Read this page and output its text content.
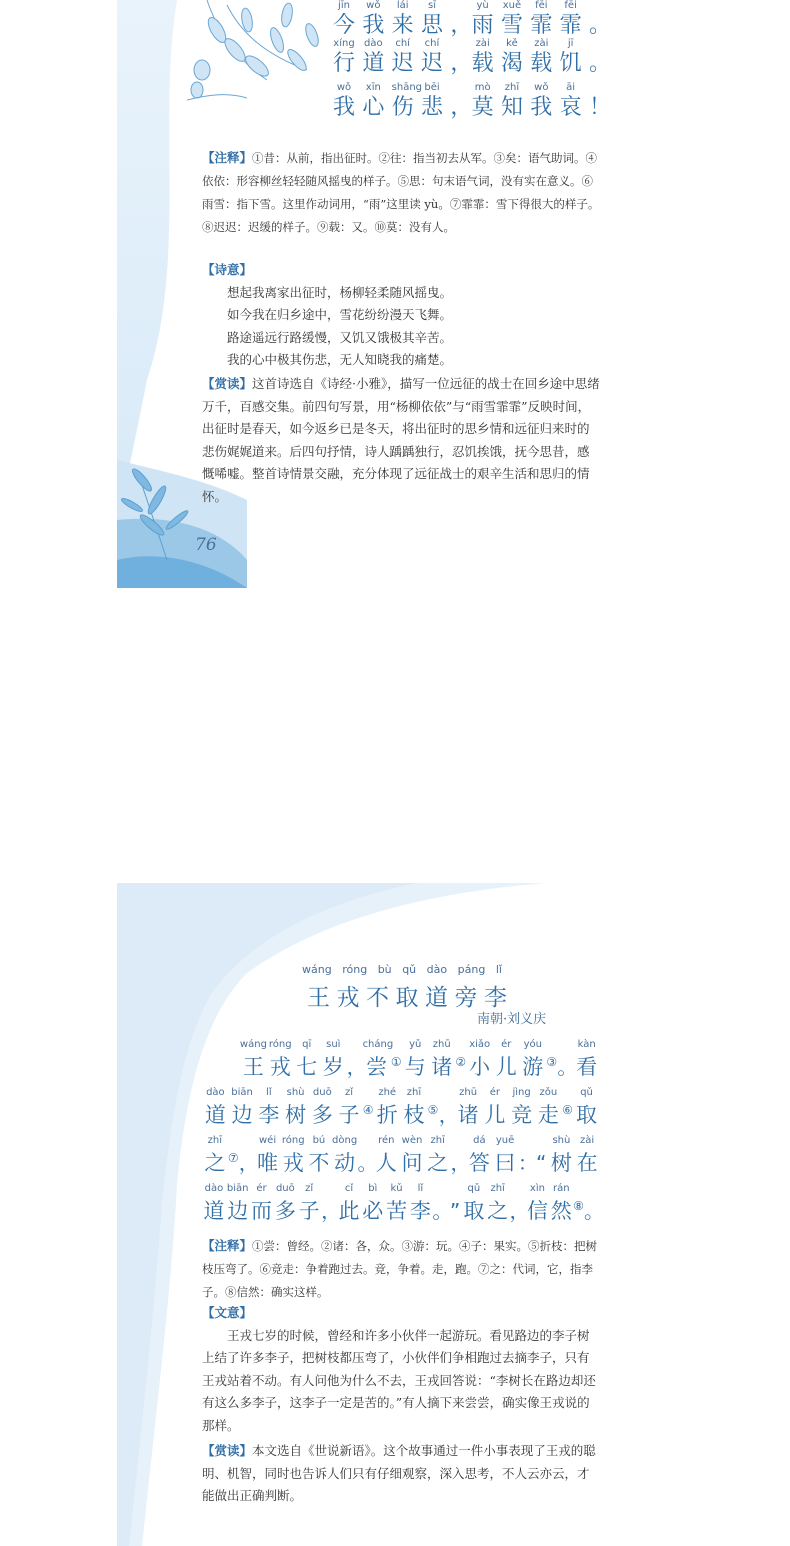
jīn	wǒ	lái	sī	yù	xuě	fēi	fēi
今 我 来 思 ， 雨 雪 霏 霏 。
xíng dào	chí	chí	zài	kě	zài	jī
行 道 迟 迟 ， 载 渴 载 饥 。
wǒ	xīn	shāng bēi	mò	zhī	wǒ	āi
我 心 伤 悲 ， 莫 知 我 哀 ！
【注释】①昔：从前，指出征时。②往：指当初去从军。③矣：语气助词。④依依：形容柳丝轻轻随风摇曳的样子。⑤思：句末语气词，没有实在意义。⑥雨雪：指下雪。这里作动词用，“雨”这里读 yù。⑦霏霏：雪下得很大的样子。⑧迟迟：迟缓的样子。⑨载：又。⑩莫：没有人。

【诗意】

想起我离家出征时，杨柳轻柔随风摇曳。

如今我在归乡途中，雪花纷纷漫天飞舞。

路途遥远行路缓慢，又饥又饿极其辛苦。

我的心中极其伤悲，无人知晓我的痛楚。

【赏读】这首诗选自《诗经·小雅》，描写一位远征的战士在回乡途中思绪万千，百感交集。前四句写景，用“杨柳依依”与“雨雪霏霏”反映时间，出征时是春天，如今返乡已是冬天，将出征时的思乡情和远征归来时的悲伤娓娓道来。后四句抒情，诗人踽踽独行，忍饥挨饿，抚今思昔，感慨唏嘘。整首诗情景交融，充分体现了远征战士的艰辛生活和思归的情怀。
76
wáng róng bù qǔ dào páng lǐ
王 戎 不 取 道 旁 李
南朝·刘义庆
wáng
王
róng
戎
qī
七
suì
岁 ，
cháng
尝 ①
yǔ
与
zhū
诸 ②
xiǎo
小
ér
儿
yóu
游 ③ 。
kàn
看
dào
道
biān
边
lǐ
李
shù
树
duō
多
zǐ
子 ④
zhé
折
zhī
枝 ⑤ ，
zhū
诸
ér
儿
jìng
竞
zǒu
走 ⑥
qǔ
取
zhī
之 ⑦ ，
wéi
唯
róng
戎
bú
不
dòng
动 。
rén
人
wèn
问
zhī
之 ，
dá
答
yuē
曰 ：
“
shù
树
zài
在
dào
道
biān
边
ér
而
duō
多
zǐ
子 ，
cǐ
此
bì
必
kǔ
苦
lǐ
李 。
”
qǔ
取
zhī
之 ，
xìn
信
rán
然 ⑧ 。
【注释】①尝：曾经。②诸：各，众。③游：玩。④子：果实。⑤折枝：把树枝压弯了。⑥竞走：争着跑过去。竞，争着。走，跑。⑦之：代词，它，指李子。⑧信然：确实这样。

【文意】

王戎七岁的时候，曾经和许多小伙伴一起游玩。看见路边的李子树上结了许多李子，把树枝都压弯了，小伙伴们争相跑过去摘李子，只有王戎站着不动。有人问他为什么不去，王戎回答说：“李树长在路边却还有这么多李子，这李子一定是苦的。”有人摘下来尝尝，确实像王戎说的那样。

【赏读】本文选自《世说新语》。这个故事通过一件小事表现了王戎的聪明、机智，同时也告诉人们只有仔细观察，深入思考，不人云亦云，才能做出正确判断。
